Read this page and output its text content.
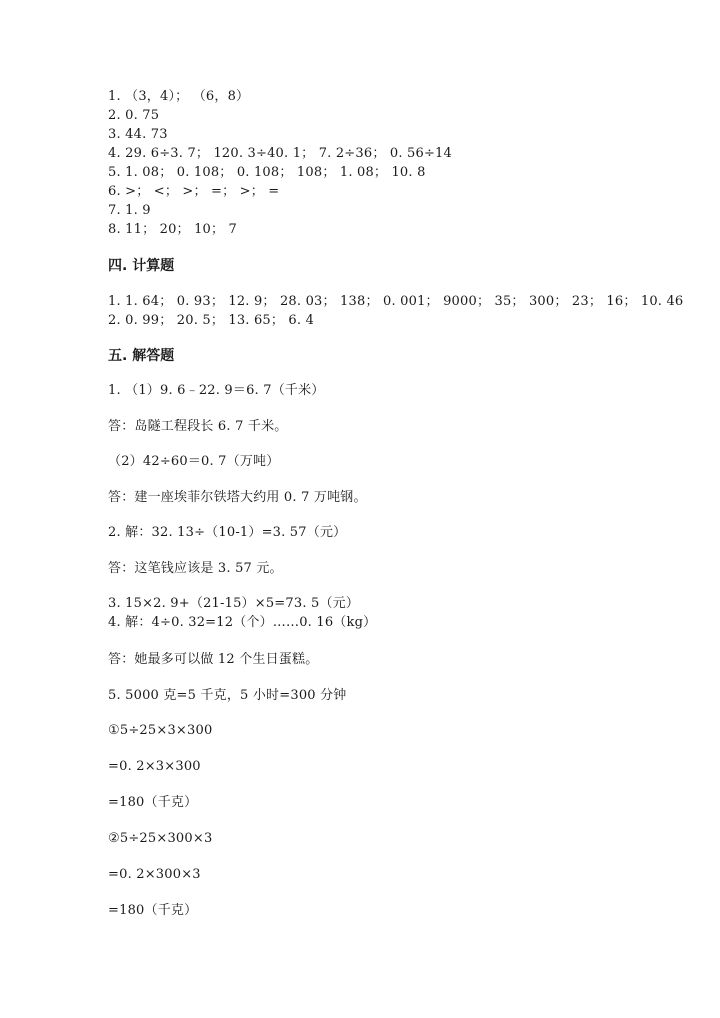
1. （3，4）； （6，8）
2. 0. 75
3. 44. 73
4. 29. 6÷3. 7； 120. 3÷40. 1； 7. 2÷36； 0. 56÷14
5. 1. 08； 0. 108； 0. 108； 108； 1. 08； 10. 8
6. >； <； >； =； >； =
7. 1. 9
8. 11； 20； 10； 7
四. 计算题
1. 1. 64； 0. 93； 12. 9； 28. 03； 138； 0. 001； 9000； 35； 300； 23； 16； 10. 46
2. 0. 99； 20. 5； 13. 65； 6. 4
五. 解答题
1. （1）9. 6﹣22. 9＝6. 7（千米）
答：岛隧工程段长 6. 7 千米。
（2）42÷60＝0. 7（万吨）
答：建一座埃菲尔铁塔大约用 0. 7 万吨钢。
2. 解：32. 13÷（10-1）=3. 57（元）
答：这笔钱应该是 3. 57 元。
3. 15×2. 9+（21-15）×5=73. 5（元）
4. 解：4÷0. 32=12（个）……0. 16（kg）
答：她最多可以做 12 个生日蛋糕。
5. 5000 克=5 千克，5 小时=300 分钟
①5÷25×3×300
=0. 2×3×300
=180（千克）
②5÷25×300×3
=0. 2×300×3
=180（千克）
